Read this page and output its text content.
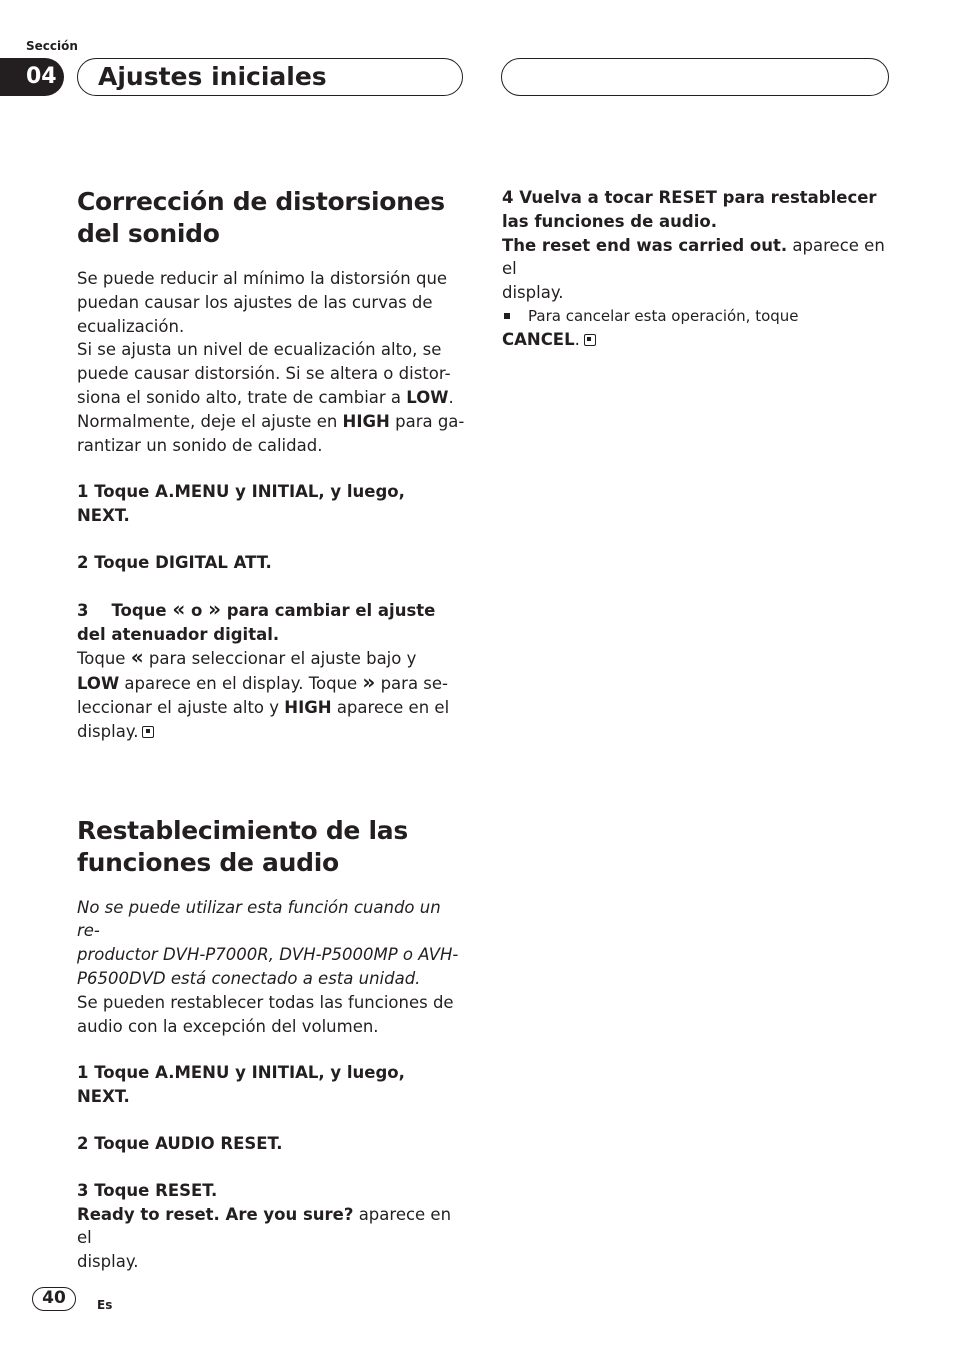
Sección
04	Ajustes iniciales
Corrección de distorsiones
del sonido

Se puede reducir al mínimo la distorsión que
puedan causar los ajustes de las curvas de
ecualización.
Si se ajusta un nivel de ecualización alto, se
puede causar distorsión. Si se altera o distor-
siona el sonido alto, trate de cambiar a LOW.
Normalmente, deje el ajuste en HIGH para ga-
rantizar un sonido de calidad.

1 Toque A.MENU y INITIAL, y luego,
NEXT.

2 Toque DIGITAL ATT.

3    Toque « o » para cambiar el ajuste
del atenuador digital.

Toque « para seleccionar el ajuste bajo y
LOW aparece en el display. Toque » para se-
leccionar el ajuste alto y HIGH aparece en el
display.

Restablecimiento de las
funciones de audio

No se puede utilizar esta función cuando un re-
productor DVH-P7000R, DVH-P5000MP o AVH-
P6500DVD está conectado a esta unidad.

Se pueden restablecer todas las funciones de
audio con la excepción del volumen.

1 Toque A.MENU y INITIAL, y luego,
NEXT.

2 Toque AUDIO RESET.

3 Toque RESET.

Ready to reset. Are you sure? aparece en el
display.

4 Vuelva a tocar RESET para restablecer
las funciones de audio.

The reset end was carried out. aparece en el
display.

Para cancelar esta operación, toque

CANCEL.

40	Es
